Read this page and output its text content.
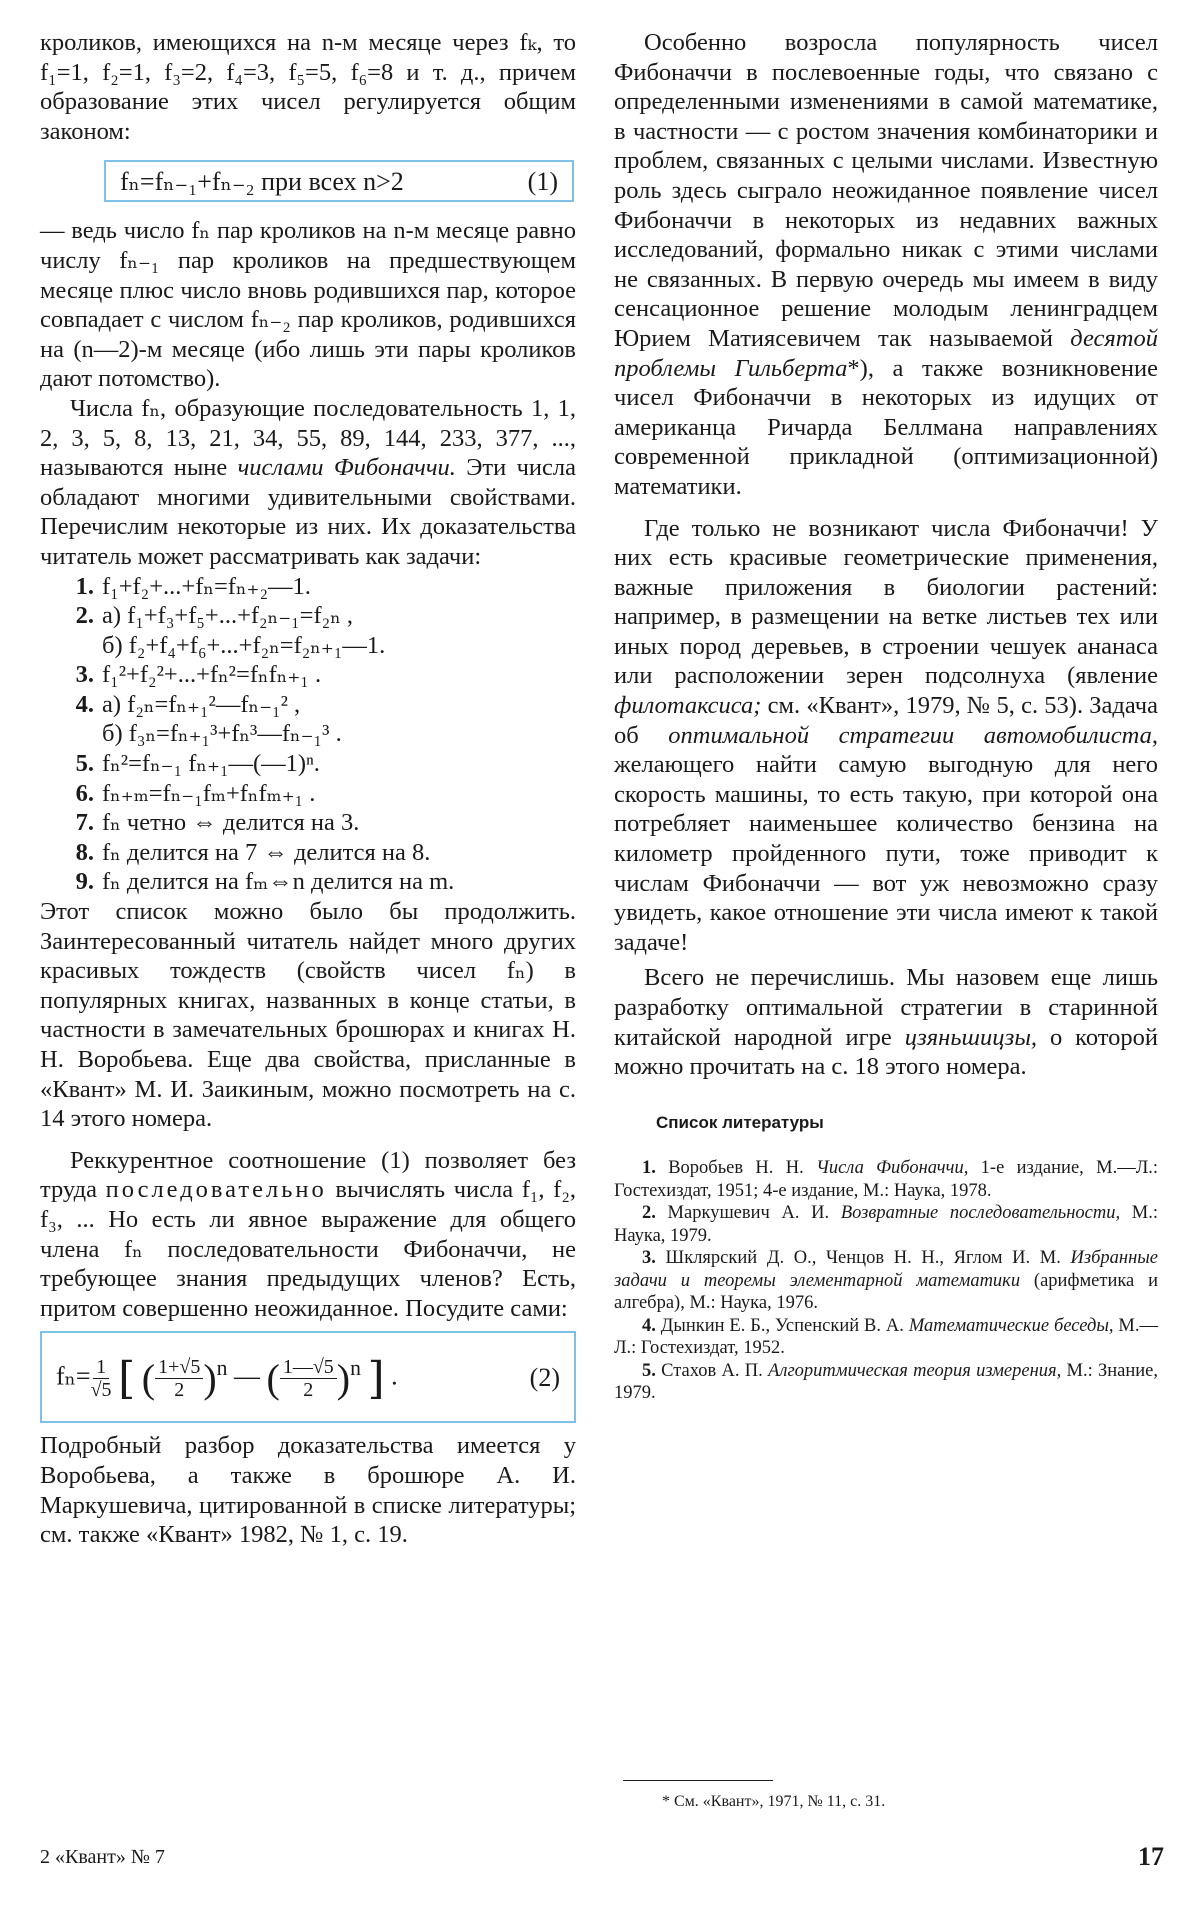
кроликов, имеющихся на n-м месяце через fₖ, то f₁=1, f₂=1, f₃=2, f₄=3, f₅=5, f₆=8 и т. д., причем образование этих чисел регулируется общим законом:

fₙ=fₙ₋₁+fₙ₋₂ при всех n>2	(1)

— ведь число fₙ пар кроликов на n-м месяце равно числу fₙ₋₁ пар кроликов на предшествующем месяце плюс число вновь родившихся пар, которое совпадает с числом fₙ₋₂ пар кроликов, родившихся на (n—2)-м месяце (ибо лишь эти пары кроликов дают потомство).

Числа fₙ, образующие последовательность 1, 1, 2, 3, 5, 8, 13, 21, 34, 55, 89, 144, 233, 377, ..., называются ныне числами Фибоначчи. Эти числа обладают многими удивительными свойствами. Перечислим некоторые из них. Их доказательства читатель может рассматривать как задачи:

1. f₁+f₂+...+fₙ=fₙ₊₂—1.
2. а) f₁+f₃+f₅+...+f₂ₙ₋₁=f₂ₙ ,
б) f₂+f₄+f₆+...+f₂ₙ=f₂ₙ₊₁—1.
3. f₁²+f₂²+...+fₙ²=fₙfₙ₊₁ .
4. а) f₂ₙ=fₙ₊₁²—fₙ₋₁² ,
б) f₃ₙ=fₙ₊₁³+fₙ³—fₙ₋₁³ .
5. fₙ²=fₙ₋₁ fₙ₊₁—(—1)ⁿ.
6. fₙ₊ₘ=fₙ₋₁fₘ+fₙfₘ₊₁ .
7. fₙ четно ⇔ делится на 3.
8. fₙ делится на 7 ⇔ делится на 8.
9. fₙ делится на fₘ⇔n делится на m.

Этот список можно было бы продолжить. Заинтересованный читатель найдет много других красивых тождеств (свойств чисел fₙ) в популярных книгах, названных в конце статьи, в частности в замечательных брошюрах и книгах Н. Н. Воробьева. Еще два свойства, присланные в «Квант» М. И. Заикиным, можно посмотреть на с. 14 этого номера.

Реккурентное соотношение (1) позволяет без труда последовательно вычислять числа f₁, f₂, f₃, ... Но есть ли явное выражение для общего члена fₙ последовательности Фибоначчи, не требующее знания предыдущих членов? Есть, притом совершенно неожиданное. Посудите сами:

$f_n= \frac{1}{√5}$ [ ( $\frac{1+√5}{2} )^n$ — ( $\frac{1—√5}{2} )^n$ ] .	(2)

Подробный разбор доказательства имеется у Воробьева, а также в брошюре А. И. Маркушевича, цитированной в списке литературы; см. также «Квант» 1982, № 1, с. 19.

Особенно возросла популярность чисел Фибоначчи в послевоенные годы, что связано с определенными изменениями в самой математике, в частности — с ростом значения комбинаторики и проблем, связанных с целыми числами. Известную роль здесь сыграло неожиданное появление чисел Фибоначчи в некоторых из недавних важных исследований, формально никак с этими числами не связанных. В первую очередь мы имеем в виду сенсационное решение молодым ленинградцем Юрием Матиясевичем так называемой десятой проблемы Гильберта*), а также возникновение чисел Фибоначчи в некоторых из идущих от американца Ричарда Беллмана направлениях современной прикладной (оптимизационной) математики.

Где только не возникают числа Фибоначчи! У них есть красивые геометрические применения, важные приложения в биологии растений: например, в размещении на ветке листьев тех или иных пород деревьев, в строении чешуек ананаса или расположении зерен подсолнуха (явление филотаксиса; см. «Квант», 1979, № 5, с. 53). Задача об оптимальной стратегии автомобилиста, желающего найти самую выгодную для него скорость машины, то есть такую, при которой она потребляет наименьшее количество бензина на километр пройденного пути, тоже приводит к числам Фибоначчи — вот уж невозможно сразу увидеть, какое отношение эти числа имеют к такой задаче!

Всего не перечислишь. Мы назовем еще лишь разработку оптимальной стратегии в старинной китайской народной игре цзяньшицзы, о которой можно прочитать на с. 18 этого номера.

Список литературы

1. Воробьев Н. Н. Числа Фибоначчи, 1-е издание, М.—Л.: Гостехиздат, 1951; 4-е издание, М.: Наука, 1978.

2. Маркушевич А. И. Возвратные последовательности, М.: Наука, 1979.

3. Шклярский Д. О., Ченцов Н. Н., Яглом И. М. Избранные задачи и теоремы элементарной математики (арифметика и алгебра), М.: Наука, 1976.

4. Дынкин Е. Б., Успенский В. А. Математические беседы, М.—Л.: Гостехиздат, 1952.

5. Стахов А. П. Алгоритмическая теория измерения, М.: Знание, 1979.

* См. «Квант», 1971, № 11, с. 31.
2 «Квант» № 7	17
